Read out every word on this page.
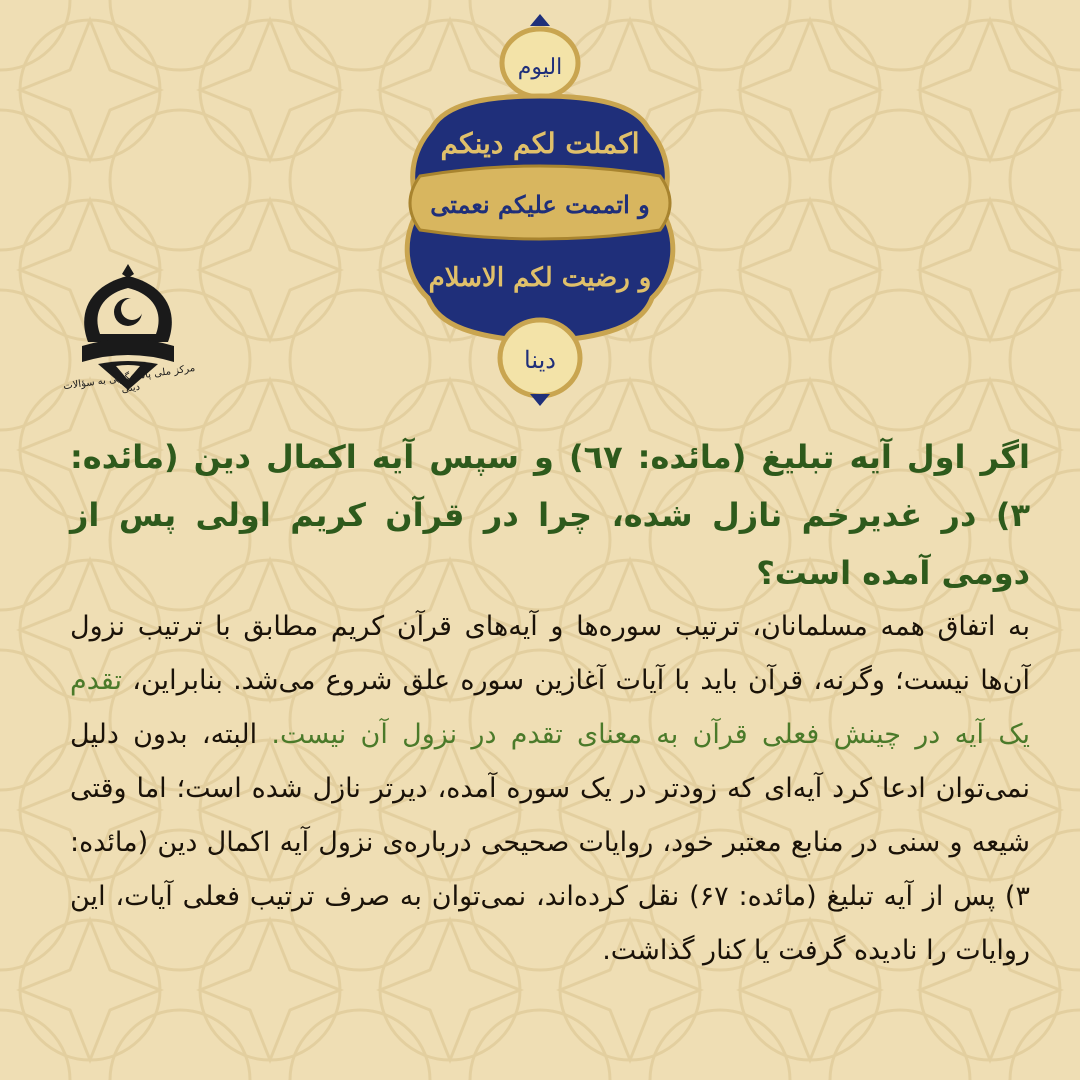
الیوم
اکملت لکم دینکم
و اتممت علیکم نعمتی
و رضیت لکم الاسلام
دینا
مرکز ملی پاسخگویی به سؤالات دینی
اگر اول آیه تبلیغ (مائده: ٦٧) و سپس آیه اکمال دین (مائده: ٣) در غدیرخم نازل شده، چرا در قرآن کریم اولی پس از دومی آمده است؟
به اتفاق همه مسلمانان، ترتیب سوره‌ها و آیه‌های قرآن کریم مطابق با ترتیب نزول آن‌ها نیست؛ وگرنه، قرآن باید با آیات آغازین سوره علق شروع می‌شد. بنابراین، تقدم یک آیه در چینش فعلی قرآن به معنای تقدم در نزول آن نیست. البته، بدون دلیل نمی‌توان ادعا کرد آیه‌ای که زودتر در یک سوره آمده، دیرتر نازل شده است؛ اما وقتی شیعه و سنی در منابع معتبر خود، روایات صحیحی درباره‌ی نزول آیه اکمال دین (مائده: ۳) پس از آیه تبلیغ (مائده: ۶۷) نقل کرده‌اند، نمی‌توان به صرف ترتیب فعلی آیات، این روایات را نادیده گرفت یا کنار گذاشت.
